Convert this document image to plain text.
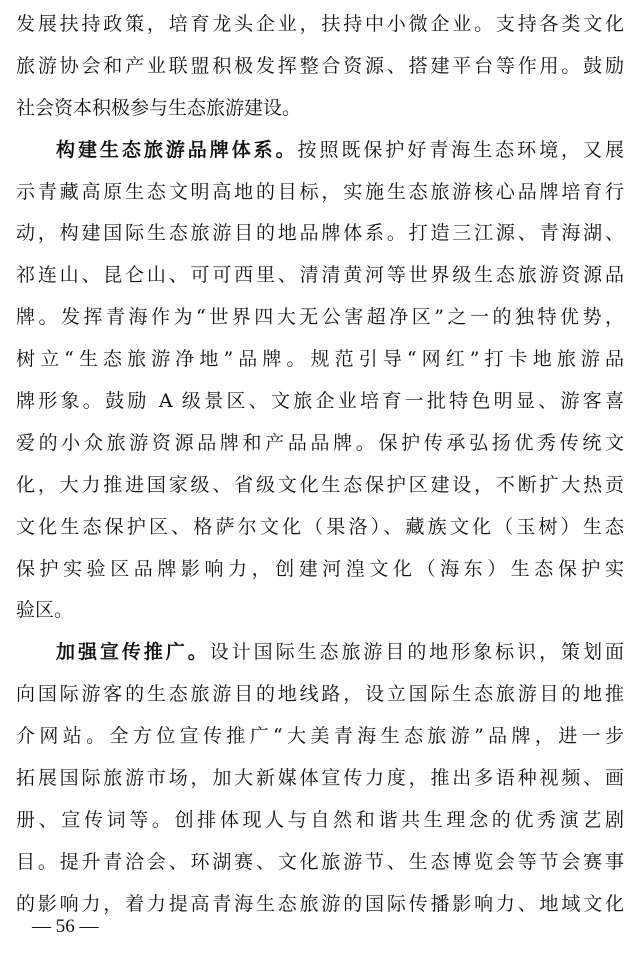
发展扶持政策，培育龙头企业，扶持中小微企业。支持各类文化
旅游协会和产业联盟积极发挥整合资源、搭建平台等作用。鼓励
社会资本积极参与生态旅游建设。
构建生态旅游品牌体系。按照既保护好青海生态环境，又展
示青藏高原生态文明高地的目标，实施生态旅游核心品牌培育行
动，构建国际生态旅游目的地品牌体系。打造三江源、青海湖、
祁连山、昆仑山、可可西里、清清黄河等世界级生态旅游资源品
牌。发挥青海作为“世界四大无公害超净区”之一的独特优势，
树立“生态旅游净地”品牌。规范引导“网红”打卡地旅游品
牌形象。鼓励 A 级景区、文旅企业培育一批特色明显、游客喜
爱的小众旅游资源品牌和产品品牌。保护传承弘扬优秀传统文
化，大力推进国家级、省级文化生态保护区建设，不断扩大热贡
文化生态保护区、格萨尔文化（果洛）、藏族文化（玉树）生态
保护实验区品牌影响力，创建河湟文化（海东）生态保护实
验区。
加强宣传推广。设计国际生态旅游目的地形象标识，策划面
向国际游客的生态旅游目的地线路，设立国际生态旅游目的地推
介网站。全方位宣传推广“大美青海生态旅游”品牌，进一步
拓展国际旅游市场，加大新媒体宣传力度，推出多语种视频、画
册、宣传词等。创排体现人与自然和谐共生理念的优秀演艺剧
目。提升青洽会、环湖赛、文化旅游节、生态博览会等节会赛事
的影响力，着力提高青海生态旅游的国际传播影响力、地域文化
— 56 —
